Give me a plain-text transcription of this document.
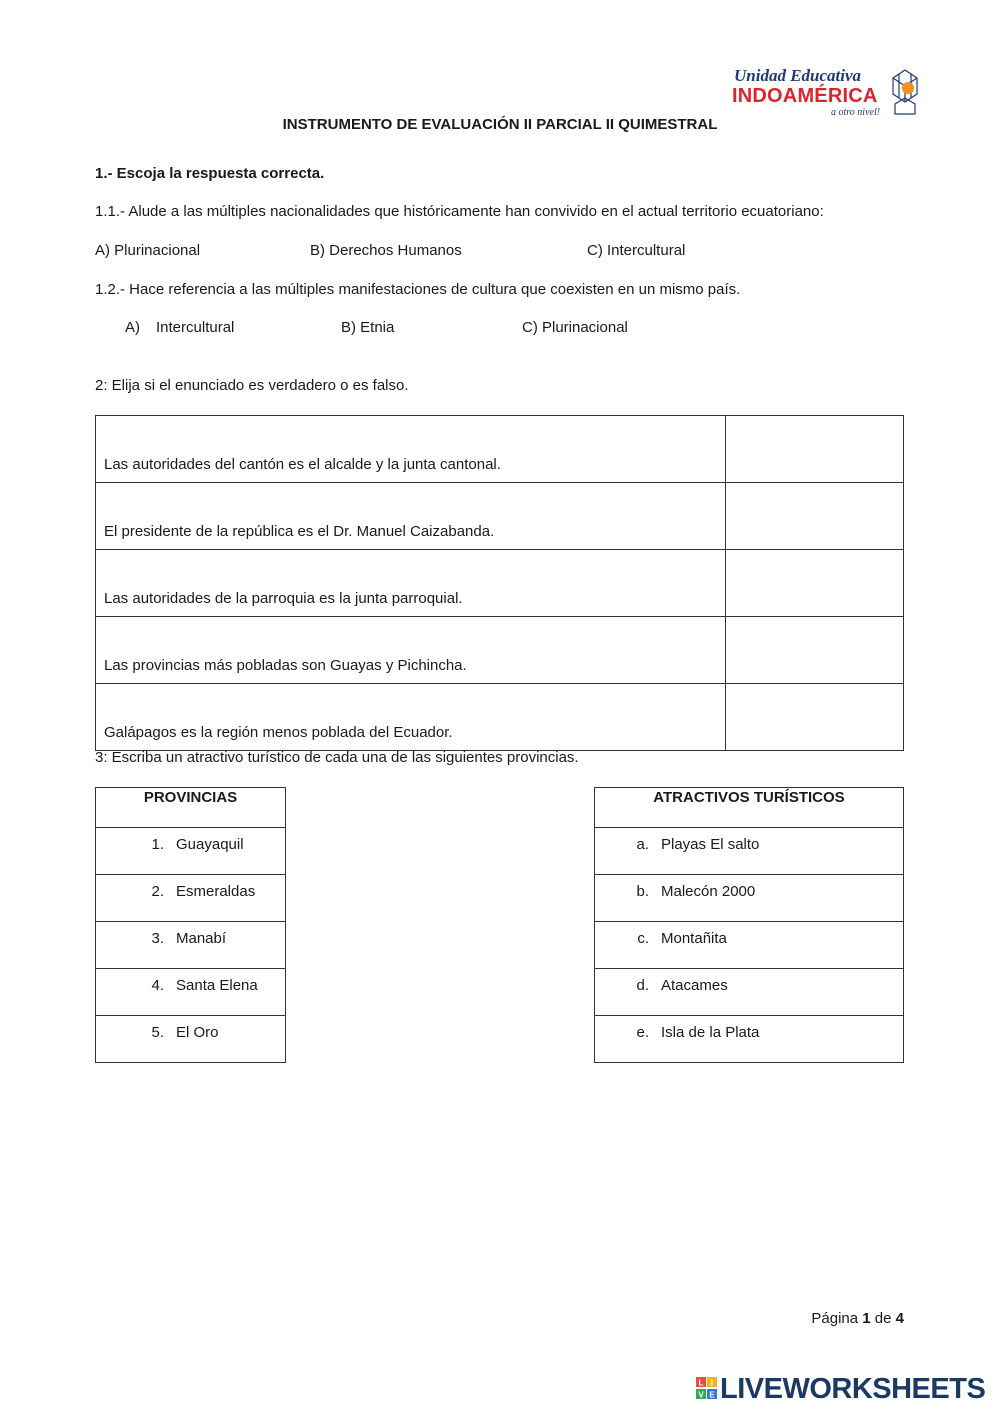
Unidad Educativa
INDOAMÉRICA
a otro nivel!
INSTRUMENTO DE EVALUACIÓN II PARCIAL II QUIMESTRAL
1.- Escoja la respuesta correcta.
1.1.- Alude a las múltiples nacionalidades que históricamente han convivido en el actual territorio ecuatoriano:
A) Plurinacional	B) Derechos Humanos	C) Intercultural
1.2.- Hace referencia a las múltiples manifestaciones de cultura que coexisten en un mismo país.
A) Intercultural	B) Etnia	C) Plurinacional
2: Elija si el enunciado es verdadero o es falso.
Las autoridades del cantón es el alcalde y la junta cantonal.	
El presidente de la república es el Dr. Manuel Caizabanda.	
Las autoridades de la parroquia es la junta parroquial.	
Las provincias más pobladas son Guayas y Pichincha.	
Galápagos es la región menos poblada del Ecuador.	
3: Escriba un atractivo turístico de cada una de las siguientes provincias.
PROVINCIAS
1. Guayaquil
2. Esmeraldas
3. Manabí
4. Santa Elena
5. El Oro
ATRACTIVOS TURÍSTICOS
a. Playas El salto
b. Malecón 2000
c. Montañita
d. Atacames
e. Isla de la Plata
Página 1 de 4
L I
V E LIVEWORKSHEETS
